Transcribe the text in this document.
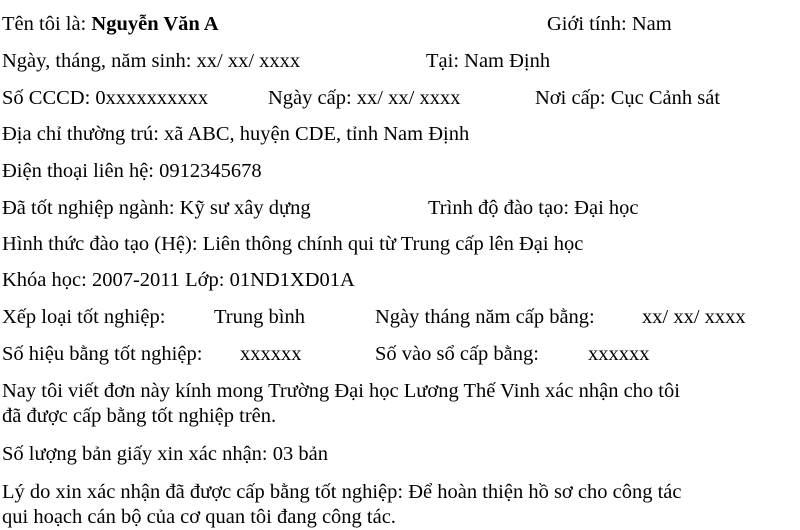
Tên tôi là: Nguyễn Văn A	Giới tính: Nam
Ngày, tháng, năm sinh: xx/ xx/ xxxx	Tại: Nam Định
Số CCCD: 0xxxxxxxxxx	Ngày cấp: xx/ xx/ xxxx	Nơi cấp: Cục Cảnh sát
Địa chỉ thường trú: xã ABC, huyện CDE, tỉnh Nam Định
Điện thoại liên hệ: 0912345678
Đã tốt nghiệp ngành: Kỹ sư xây dựng	Trình độ đào tạo: Đại học
Hình thức đào tạo (Hệ): Liên thông chính qui từ Trung cấp lên Đại học
Khóa học: 2007-2011 Lớp: 01ND1XD01A
Xếp loại tốt nghiệp: Trung bình	Ngày tháng năm cấp bằng: xx/ xx/ xxxx
Số hiệu bằng tốt nghiệp: xxxxxx	Số vào sổ cấp bằng: xxxxxx
Nay tôi viết đơn này kính mong Trường Đại học Lương Thế Vinh xác nhận cho tôi
đã được cấp bằng tốt nghiệp trên.
Số lượng bản giấy xin xác nhận: 03 bản
Lý do xin xác nhận đã được cấp bằng tốt nghiệp: Để hoàn thiện hồ sơ cho công tác
qui hoạch cán bộ của cơ quan tôi đang công tác.
